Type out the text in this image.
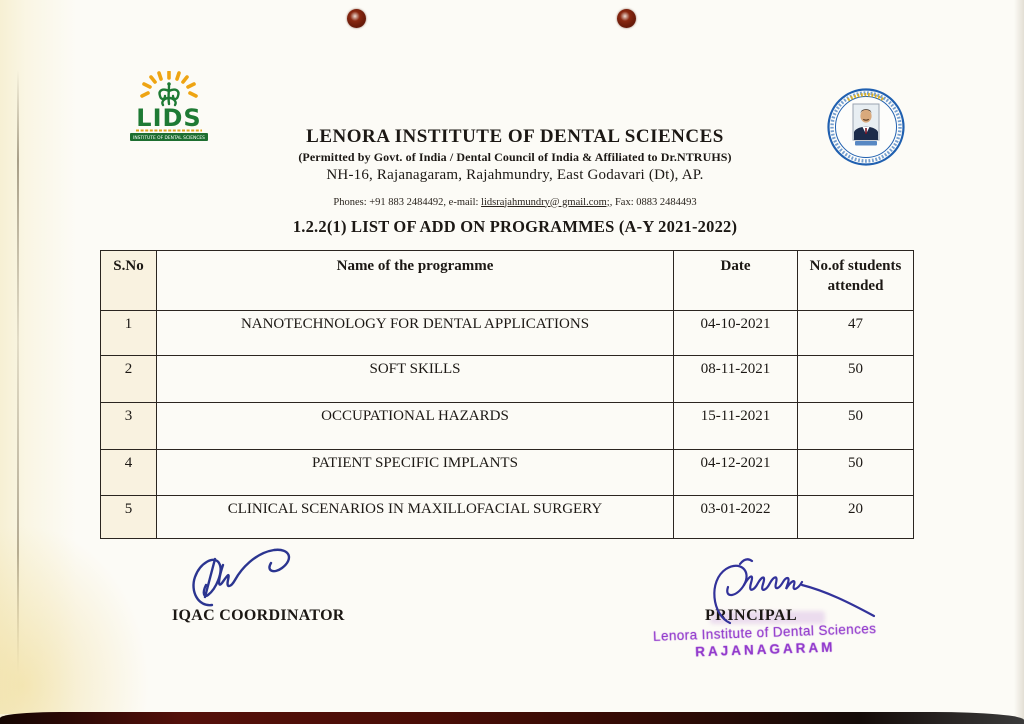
LIDS
INSTITUTE OF DENTAL SCIENCES	LENORA INSTITUTE OF DENTAL SCIENCES
(Permitted by Govt. of India / Dental Council of India & Affiliated to Dr.NTRUHS)
NH-16, Rajanagaram, Rajahmundry, East Godavari (Dt), AP.
Phones: +91 883 2484492, e-mail: lidsrajahmundry@ gmail.com;, Fax: 0883 2484493
1.2.2(1) LIST OF ADD ON PROGRAMMES (A-Y 2021-2022)
S.No	Name of the programme	Date	No.of students attended
1	NANOTECHNOLOGY FOR DENTAL APPLICATIONS	04-10-2021	47
2	SOFT SKILLS	08-11-2021	50
3	OCCUPATIONAL HAZARDS	15-11-2021	50
4	PATIENT SPECIFIC IMPLANTS	04-12-2021	50
5	CLINICAL SCENARIOS IN MAXILLOFACIAL SURGERY	03-01-2022	20
IQAC COORDINATOR	PRINCIPAL
Lenora Institute of Dental Sciences
RAJANAGARAM
